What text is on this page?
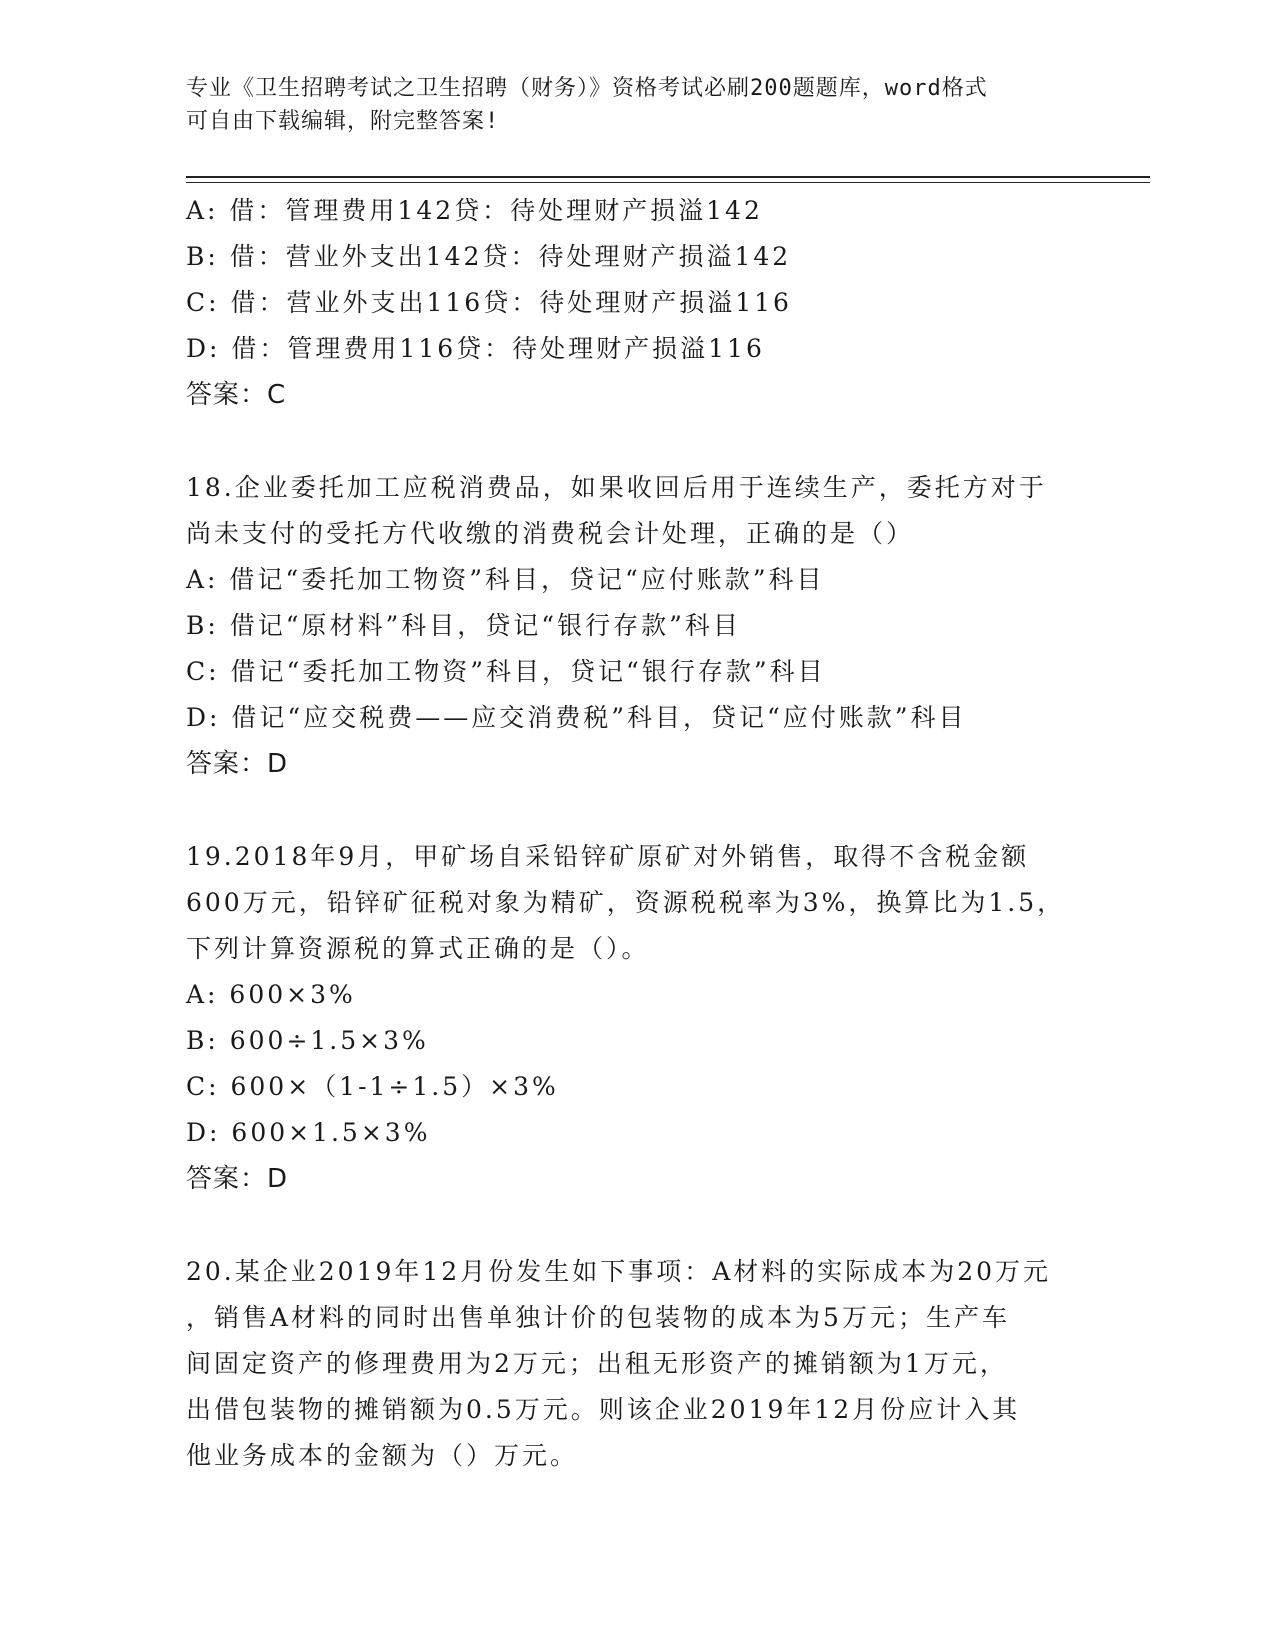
专业《卫生招聘考试之卫生招聘（财务）》资格考试必刷200题题库，word格式
可自由下载编辑，附完整答案!
A: 借：管理费用142贷：待处理财产损溢142
B: 借：营业外支出142贷：待处理财产损溢142
C: 借：营业外支出116贷：待处理财产损溢116
D: 借：管理费用116贷：待处理财产损溢116
答案：C
18.企业委托加工应税消费品，如果收回后用于连续生产，委托方对于
尚未支付的受托方代收缴的消费税会计处理，正确的是（）
A: 借记“委托加工物资”科目，贷记“应付账款”科目
B: 借记“原材料”科目，贷记“银行存款”科目
C: 借记“委托加工物资”科目，贷记“银行存款”科目
D: 借记“应交税费——应交消费税”科目，贷记“应付账款”科目
答案：D
19.2018年9月，甲矿场自采铅锌矿原矿对外销售，取得不含税金额
600万元，铅锌矿征税对象为精矿，资源税税率为3%，换算比为1.5，
下列计算资源税的算式正确的是（）。
A: 600×3%
B: 600÷1.5×3%
C: 600×（1-1÷1.5）×3%
D: 600×1.5×3%
答案：D
20.某企业2019年12月份发生如下事项：A材料的实际成本为20万元
，销售A材料的同时出售单独计价的包装物的成本为5万元；生产车
间固定资产的修理费用为2万元；出租无形资产的摊销额为1万元，
出借包装物的摊销额为0.5万元。则该企业2019年12月份应计入其
他业务成本的金额为（）万元。
